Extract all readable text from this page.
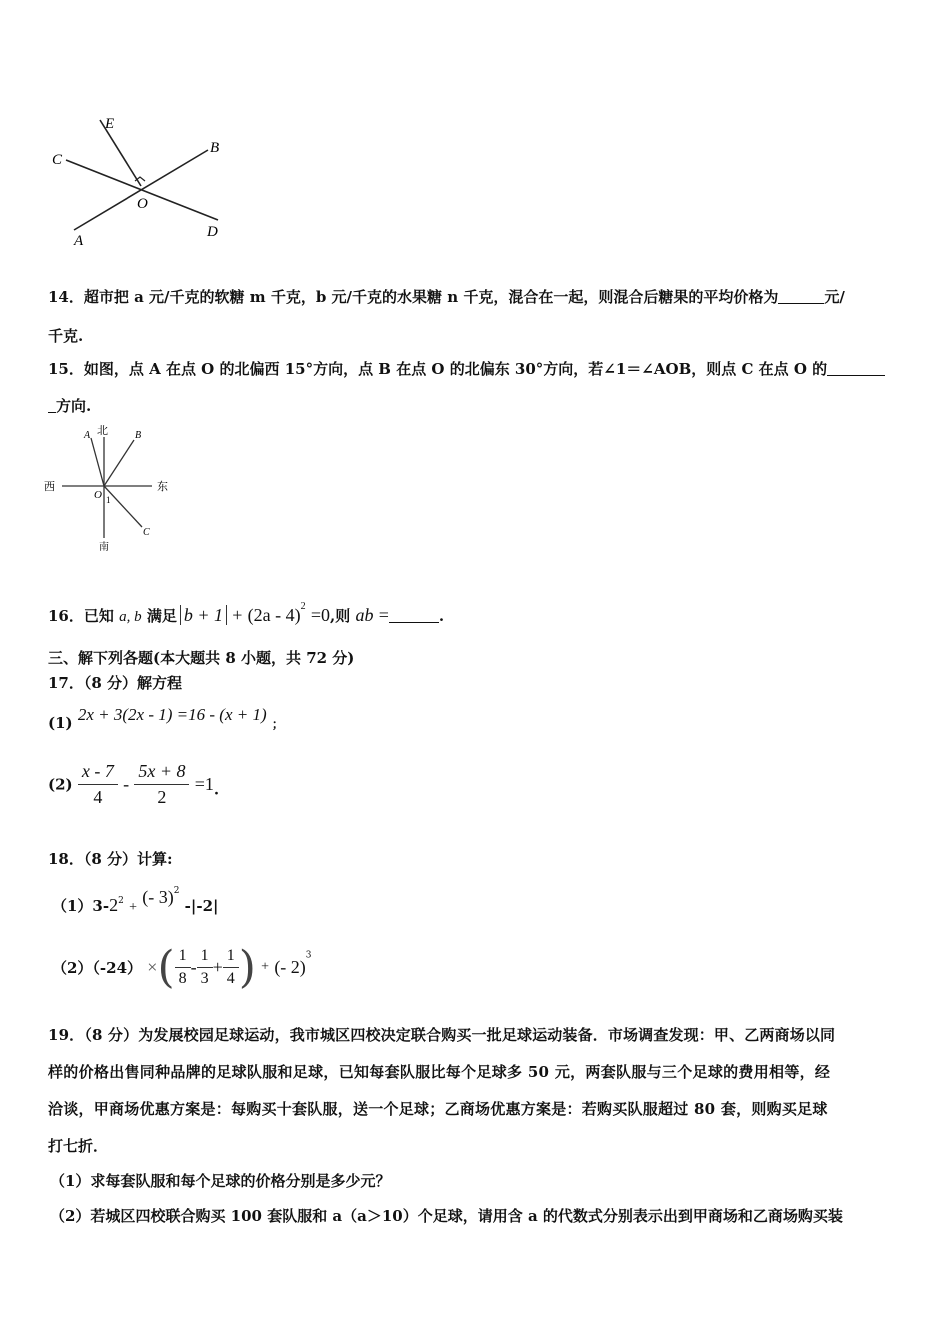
E
B
C
O
A
D
14．超市把 a 元/千克的软糖 m 千克，b 元/千克的水果糖 n 千克，混合在一起，则混合后糖果的平均价格为	元/
千克.
15．如图，点 A 在点 O 的北偏西 15°方向，点 B 在点 O 的北偏东 30°方向，若∠1＝∠AOB，则点 C 在点 O 的
方向.
北
A	B
西	东
O 1
C
南
16．已知 a, b 满足 b + 1 + (2a - 4)$^2$ =0,则 ab =	.
三、解下列各题(本大题共 8 小题，共 72 分)
17．（8 分）解方程
(1) 2x + 3(2x - 1) =16 - (x + 1) $_;$
$(2) \frac{x - 7}{4} - \frac{5x + 8}{2} =1$.
18．（8 分）计算:
（1）3-22 + (- 3)$^2$ -|-2|
（2）（-24） ×( $\frac{1}{8} - \frac{1}{3} + \frac{1}{4}$ ) + (- 2)$^3$
19．（8 分）为发展校园足球运动，我市城区四校决定联合购买一批足球运动装备．市场调查发现：甲、乙两商场以同
样的价格出售同种品牌的足球队服和足球，已知每套队服比每个足球多 50 元，两套队服与三个足球的费用相等，经
洽谈，甲商场优惠方案是：每购买十套队服，送一个足球；乙商场优惠方案是：若购买队服超过 80 套，则购买足球
打七折．
（1）求每套队服和每个足球的价格分别是多少元？
（2）若城区四校联合购买 100 套队服和 a（a＞10）个足球，请用含 a 的代数式分别表示出到甲商场和乙商场购买装
